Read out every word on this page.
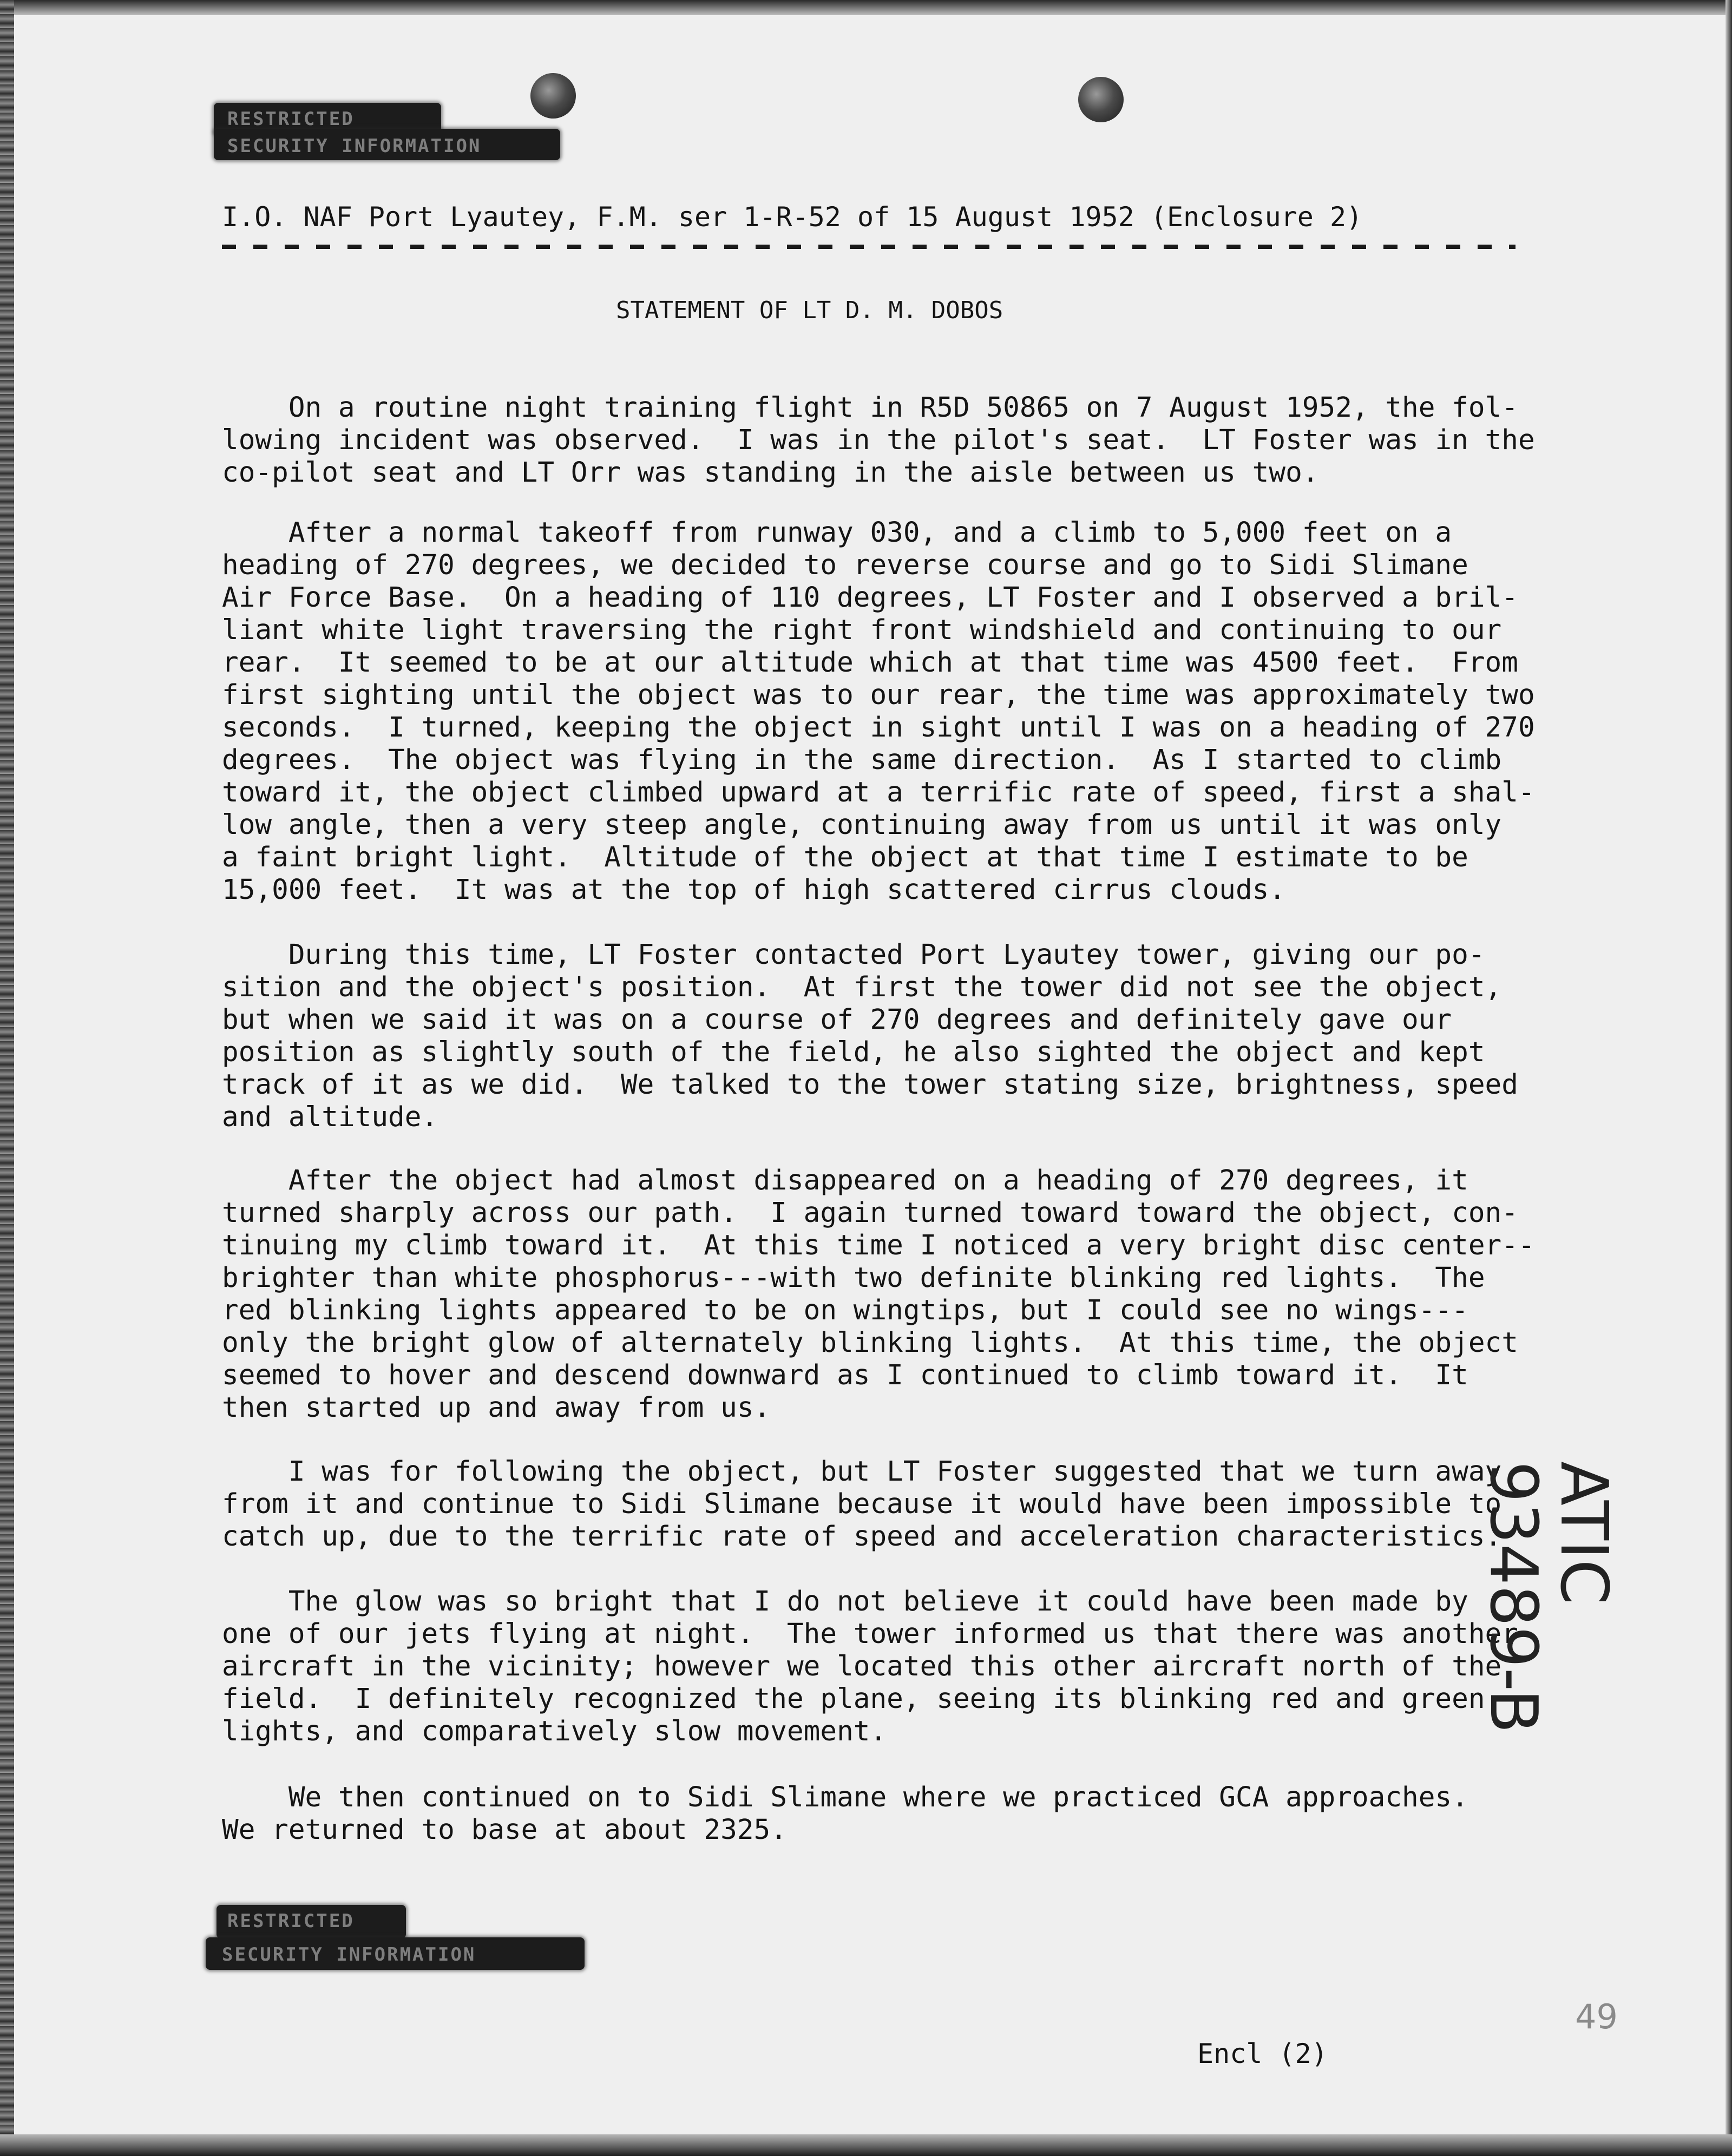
RESTRICTED
SECURITY INFORMATION
I.O. NAF Port Lyautey, F.M. ser 1-R-52 of 15 August 1952 (Enclosure 2)
STATEMENT OF LT D. M. DOBOS
On a routine night training flight in R5D 50865 on 7 August 1952, the fol-
lowing incident was observed.  I was in the pilot's seat.  LT Foster was in the
co-pilot seat and LT Orr was standing in the aisle between us two.
After a normal takeoff from runway 030, and a climb to 5,000 feet on a
heading of 270 degrees, we decided to reverse course and go to Sidi Slimane
Air Force Base.  On a heading of 110 degrees, LT Foster and I observed a bril-
liant white light traversing the right front windshield and continuing to our
rear.  It seemed to be at our altitude which at that time was 4500 feet.  From
first sighting until the object was to our rear, the time was approximately two
seconds.  I turned, keeping the object in sight until I was on a heading of 270
degrees.  The object was flying in the same direction.  As I started to climb
toward it, the object climbed upward at a terrific rate of speed, first a shal-
low angle, then a very steep angle, continuing away from us until it was only
a faint bright light.  Altitude of the object at that time I estimate to be
15,000 feet.  It was at the top of high scattered cirrus clouds.
During this time, LT Foster contacted Port Lyautey tower, giving our po-
sition and the object's position.  At first the tower did not see the object,
but when we said it was on a course of 270 degrees and definitely gave our
position as slightly south of the field, he also sighted the object and kept
track of it as we did.  We talked to the tower stating size, brightness, speed
and altitude.
After the object had almost disappeared on a heading of 270 degrees, it
turned sharply across our path.  I again turned toward toward the object, con-
tinuing my climb toward it.  At this time I noticed a very bright disc center--
brighter than white phosphorus---with two definite blinking red lights.  The
red blinking lights appeared to be on wingtips, but I could see no wings---
only the bright glow of alternately blinking lights.  At this time, the object
seemed to hover and descend downward as I continued to climb toward it.  It
then started up and away from us.
I was for following the object, but LT Foster suggested that we turn away
from it and continue to Sidi Slimane because it would have been impossible to
catch up, due to the terrific rate of speed and acceleration characteristics.
The glow was so bright that I do not believe it could have been made by
one of our jets flying at night.  The tower informed us that there was another
aircraft in the vicinity; however we located this other aircraft north of the
field.  I definitely recognized the plane, seeing its blinking red and green
lights, and comparatively slow movement.
We then continued on to Sidi Slimane where we practiced GCA approaches.
We returned to base at about 2325.
RESTRICTED
SECURITY INFORMATION
ATIC
93489-B
49
Encl (2)
